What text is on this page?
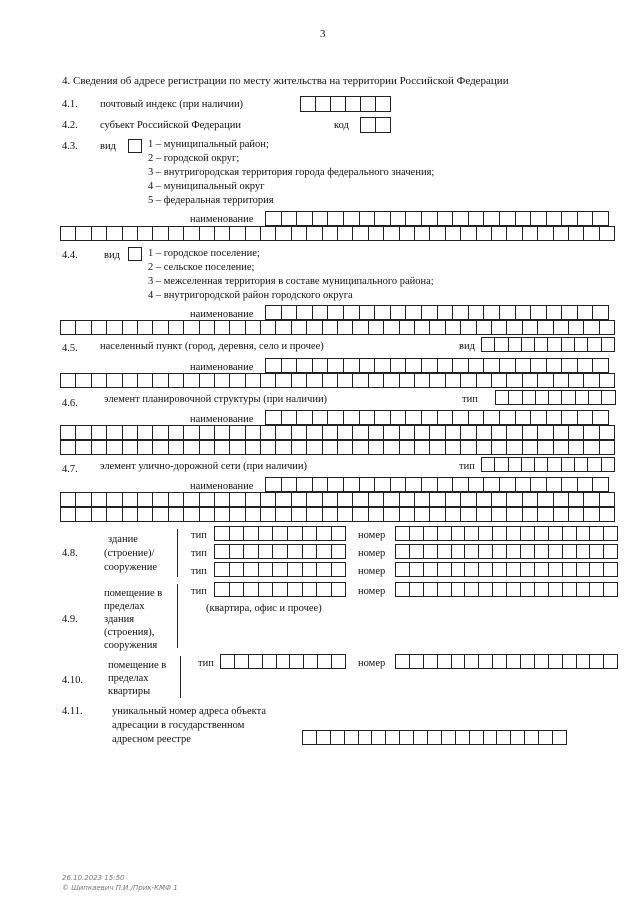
3
4. Сведения об адресе регистрации по месту жительства на территории Российской Федерации
4.1. почтовый индекс (при наличии)
4.2. субъект Российской Федерации	код
4.3. вид	1 – муниципальный район;
2 – городской округ;
3 – внутригородская территория города федерального значения;
4 – муниципальный округ
5 – федеральная территория
наименование
4.4.	вид	1 – городское поселение;
2 – сельское поселение;
3 – межселенная территория в составе муниципального района;
4 – внутригородской район городского округа
наименование
4.5. населенный пункт (город, деревня, село и прочее)	вид
наименование
4.6.	элемент планировочной структуры (при наличии)	тип
наименование
4.7. элемент улично-дорожной сети (при наличии)	тип
наименование
4.8.
здание
(строение)/
сооружение
тип	номер
тип	номер
тип	номер
4.9.
помещение в
пределах
здания
(строения),
сооружения
тип	номер
(квартира, офис и прочее)
4.10.
помещение в
пределах
квартиры
тип	номер
4.11.	уникальный номер адреса объекта
адресации в государственном
адресном реестре
26.10.2023 15:50
© Шипкаевич П.И./Прик-КМФ 1
